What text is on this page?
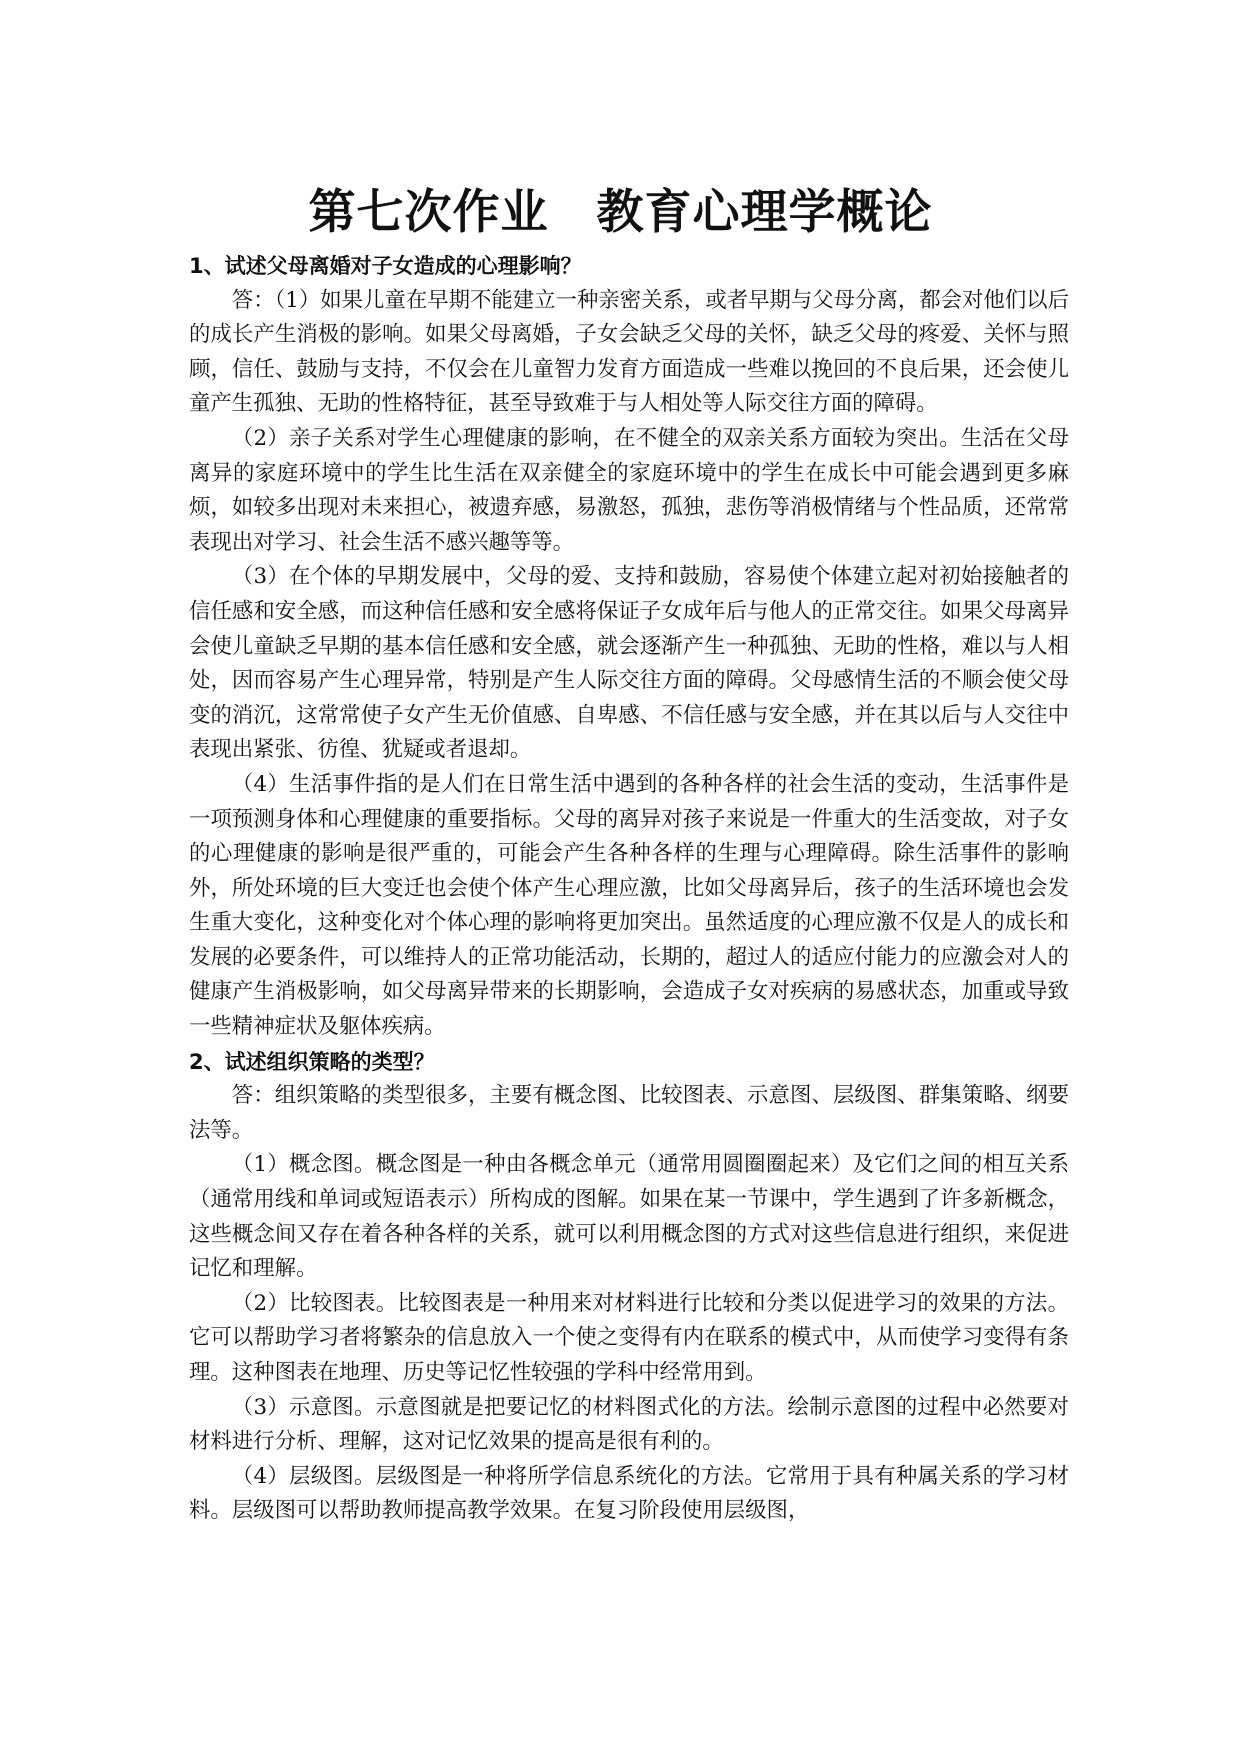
第七次作业　教育心理学概论

1、试述父母离婚对子女造成的心理影响？

答：（1）如果儿童在早期不能建立一种亲密关系，或者早期与父母分离，都会对他们以后的成长产生消极的影响。如果父母离婚，子女会缺乏父母的关怀，缺乏父母的疼爱、关怀与照顾，信任、鼓励与支持，不仅会在儿童智力发育方面造成一些难以挽回的不良后果，还会使儿童产生孤独、无助的性格特征，甚至导致难于与人相处等人际交往方面的障碍。

（2）亲子关系对学生心理健康的影响，在不健全的双亲关系方面较为突出。生活在父母离异的家庭环境中的学生比生活在双亲健全的家庭环境中的学生在成长中可能会遇到更多麻烦，如较多出现对未来担心，被遗弃感，易激怒，孤独，悲伤等消极情绪与个性品质，还常常表现出对学习、社会生活不感兴趣等等。

（3）在个体的早期发展中，父母的爱、支持和鼓励，容易使个体建立起对初始接触者的信任感和安全感，而这种信任感和安全感将保证子女成年后与他人的正常交往。如果父母离异会使儿童缺乏早期的基本信任感和安全感，就会逐渐产生一种孤独、无助的性格，难以与人相处，因而容易产生心理异常，特别是产生人际交往方面的障碍。父母感情生活的不顺会使父母变的消沉，这常常使子女产生无价值感、自卑感、不信任感与安全感，并在其以后与人交往中表现出紧张、彷徨、犹疑或者退却。

（4）生活事件指的是人们在日常生活中遇到的各种各样的社会生活的变动，生活事件是一项预测身体和心理健康的重要指标。父母的离异对孩子来说是一件重大的生活变故，对子女的心理健康的影响是很严重的，可能会产生各种各样的生理与心理障碍。除生活事件的影响外，所处环境的巨大变迁也会使个体产生心理应激，比如父母离异后，孩子的生活环境也会发生重大变化，这种变化对个体心理的影响将更加突出。虽然适度的心理应激不仅是人的成长和发展的必要条件，可以维持人的正常功能活动，长期的，超过人的适应付能力的应激会对人的健康产生消极影响，如父母离异带来的长期影响，会造成子女对疾病的易感状态，加重或导致一些精神症状及躯体疾病。

2、试述组织策略的类型？

答：组织策略的类型很多，主要有概念图、比较图表、示意图、层级图、群集策略、纲要法等。

（1）概念图。概念图是一种由各概念单元（通常用圆圈圈起来）及它们之间的相互关系（通常用线和单词或短语表示）所构成的图解。如果在某一节课中，学生遇到了许多新概念，这些概念间又存在着各种各样的关系，就可以利用概念图的方式对这些信息进行组织，来促进记忆和理解。

（2）比较图表。比较图表是一种用来对材料进行比较和分类以促进学习的效果的方法。它可以帮助学习者将繁杂的信息放入一个使之变得有内在联系的模式中，从而使学习变得有条理。这种图表在地理、历史等记忆性较强的学科中经常用到。

（3）示意图。示意图就是把要记忆的材料图式化的方法。绘制示意图的过程中必然要对材料进行分析、理解，这对记忆效果的提高是很有利的。

（4）层级图。层级图是一种将所学信息系统化的方法。它常用于具有种属关系的学习材料。层级图可以帮助教师提高教学效果。在复习阶段使用层级图，
